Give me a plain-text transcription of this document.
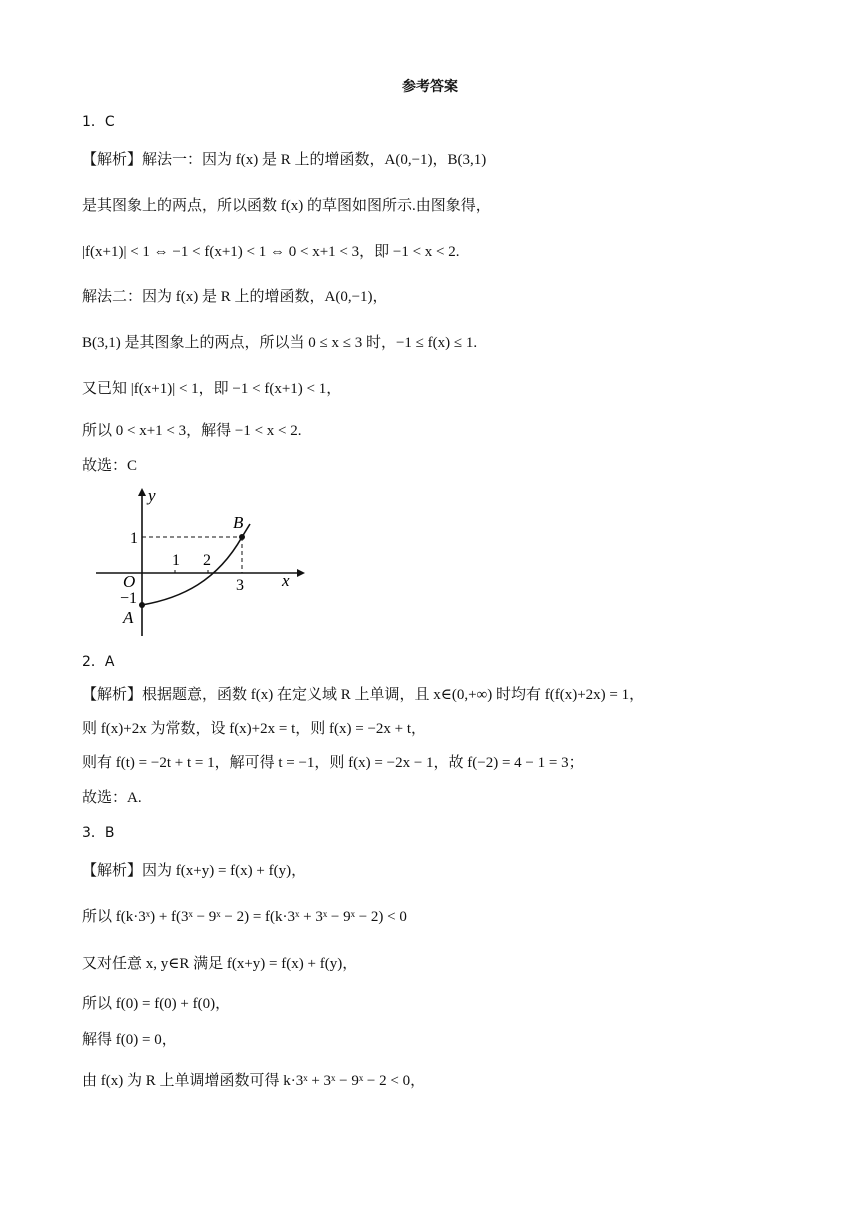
参考答案
1．C
【解析】解法一：因为 f(x) 是 R 上的增函数，A(0,−1)，B(3,1)
是其图象上的两点，所以函数 f(x) 的草图如图所示.由图象得，
|f(x+1)| < 1 ⇔ −1 < f(x+1) < 1 ⇔ 0 < x+1 < 3，即 −1 < x < 2.
解法二：因为 f(x) 是 R 上的增函数，A(0,−1)，
B(3,1) 是其图象上的两点，所以当 0 ≤ x ≤ 3 时，−1 ≤ f(x) ≤ 1.
又已知 |f(x+1)| < 1，即 −1 < f(x+1) < 1，
所以 0 < x+1 < 3，解得 −1 < x < 2.
故选：C
y
x
O
B
A
1 2
3
1
−1
2．A
【解析】根据题意，函数 f(x) 在定义域 R 上单调，且 x∈(0,+∞) 时均有 f(f(x)+2x) = 1，
则 f(x)+2x 为常数，设 f(x)+2x = t，则 f(x) = −2x + t，
则有 f(t) = −2t + t = 1，解可得 t = −1，则 f(x) = −2x − 1，故 f(−2) = 4 − 1 = 3；
故选：A.
3．B
【解析】因为 f(x+y) = f(x) + f(y)，
所以 f(k·3ˣ) + f(3ˣ − 9ˣ − 2) = f(k·3ˣ + 3ˣ − 9ˣ − 2) < 0
又对任意 x, y∈R 满足 f(x+y) = f(x) + f(y)，
所以 f(0) = f(0) + f(0)，
解得 f(0) = 0，
由 f(x) 为 R 上单调增函数可得 k·3ˣ + 3ˣ − 9ˣ − 2 < 0，
